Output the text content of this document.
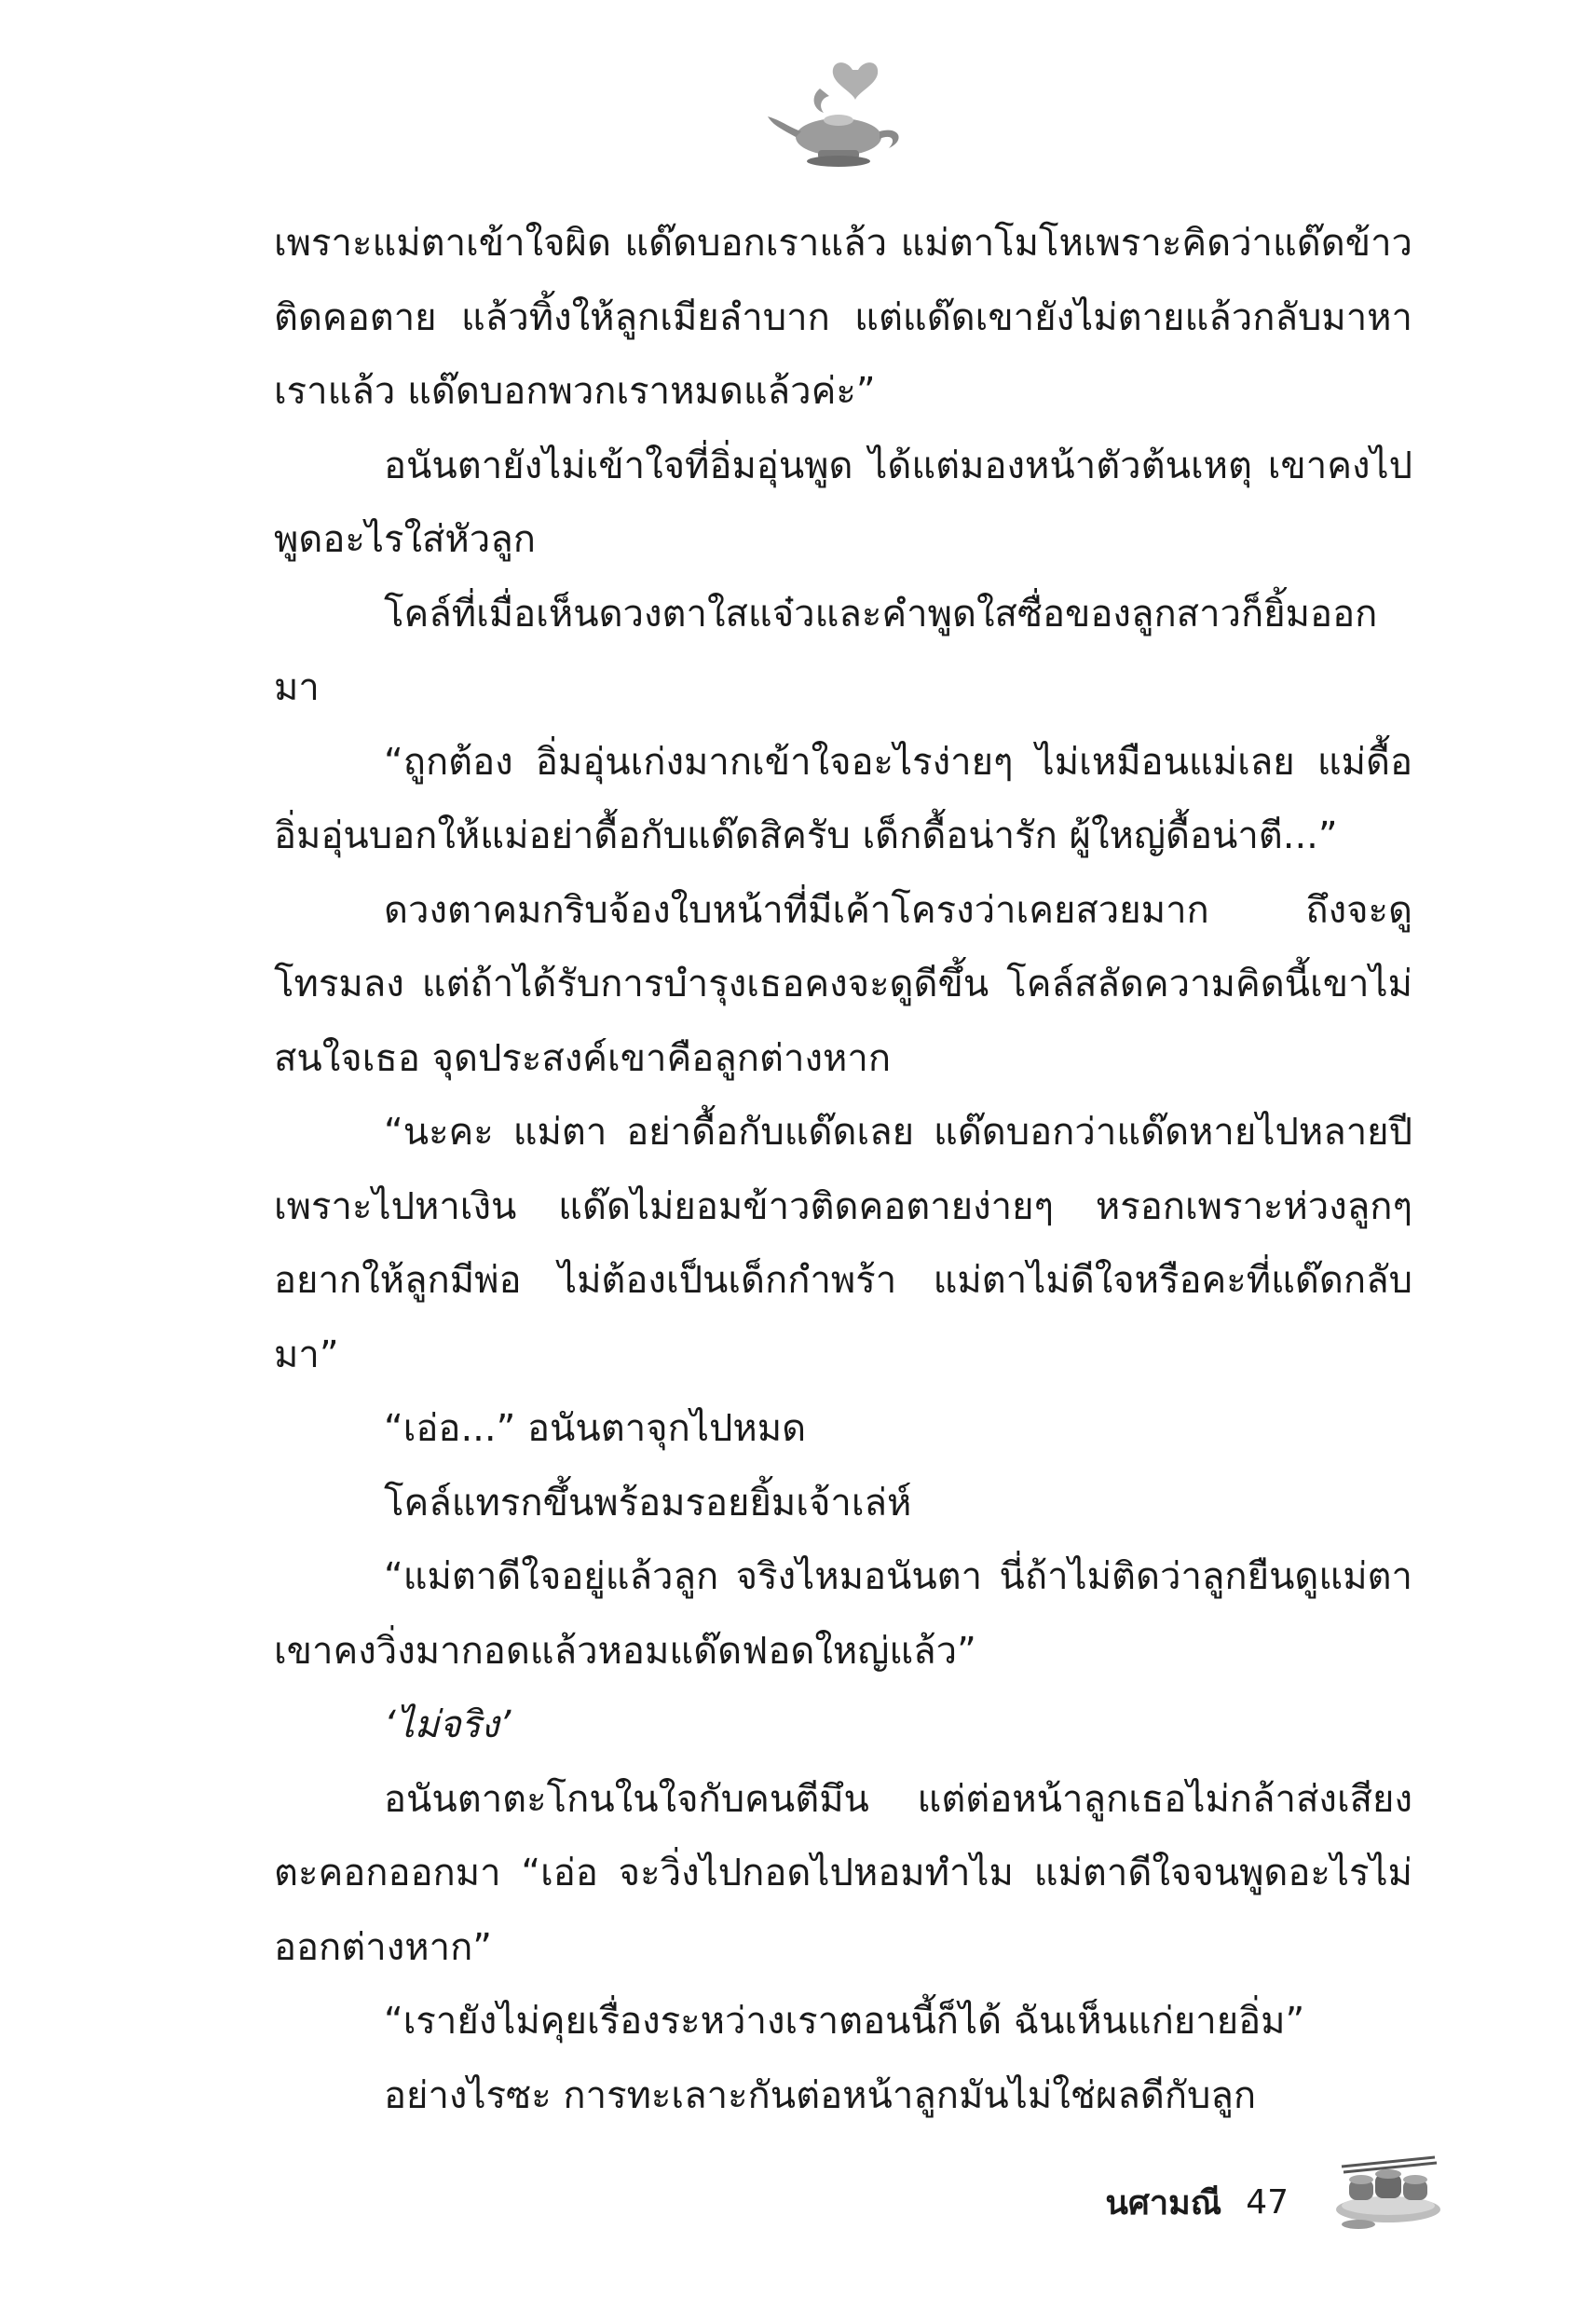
เพราะแม่ตาเข้าใจผิด แด๊ดบอกเราแล้ว แม่ตาโมโหเพราะคิดว่าแด๊ดข้าวติดคอตาย แล้วทิ้งให้ลูกเมียลำบาก แต่แด๊ดเขายังไม่ตายแล้วกลับมาหาเราแล้ว แด๊ดบอกพวกเราหมดแล้วค่ะ”

อนันตายังไม่เข้าใจที่อิ่มอุ่นพูด ได้แต่มองหน้าตัวต้นเหตุ เขาคงไปพูดอะไรใส่หัวลูก

โคล์ที่เมื่อเห็นดวงตาใสแจ๋วและคำพูดใสซื่อของลูกสาวก็ยิ้มออกมา

“ถูกต้อง อิ่มอุ่นเก่งมากเข้าใจอะไรง่ายๆ ไม่เหมือนแม่เลย แม่ดื้ออิ่มอุ่นบอกให้แม่อย่าดื้อกับแด๊ดสิครับ เด็กดื้อน่ารัก ผู้ใหญ่ดื้อน่าตี...”

ดวงตาคมกริบจ้องใบหน้าที่มีเค้าโครงว่าเคยสวยมาก ถึงจะดูโทรมลง แต่ถ้าได้รับการบำรุงเธอคงจะดูดีขึ้น โคล์สลัดความคิดนี้เขาไม่สนใจเธอ จุดประสงค์เขาคือลูกต่างหาก

“นะคะ แม่ตา อย่าดื้อกับแด๊ดเลย แด๊ดบอกว่าแด๊ดหายไปหลายปีเพราะไปหาเงิน แด๊ดไม่ยอมข้าวติดคอตายง่ายๆ หรอกเพราะห่วงลูกๆ อยากให้ลูกมีพ่อ ไม่ต้องเป็นเด็กกำพร้า แม่ตาไม่ดีใจหรือคะที่แด๊ดกลับมา”

“เอ่อ...” อนันตาจุกไปหมด

โคล์แทรกขึ้นพร้อมรอยยิ้มเจ้าเล่ห์

“แม่ตาดีใจอยู่แล้วลูก จริงไหมอนันตา นี่ถ้าไม่ติดว่าลูกยืนดูแม่ตาเขาคงวิ่งมากอดแล้วหอมแด๊ดฟอดใหญ่แล้ว”

‘ไม่จริง’

อนันตาตะโกนในใจกับคนตีมึน แต่ต่อหน้าลูกเธอไม่กล้าส่งเสียงตะคอกออกมา “เอ่อ จะวิ่งไปกอดไปหอมทำไม แม่ตาดีใจจนพูดอะไรไม่ออกต่างหาก”

“เรายังไม่คุยเรื่องระหว่างเราตอนนี้ก็ได้ ฉันเห็นแก่ยายอิ่ม”

อย่างไรซะ การทะเลาะกันต่อหน้าลูกมันไม่ใช่ผลดีกับลูก

นศามณี 47
